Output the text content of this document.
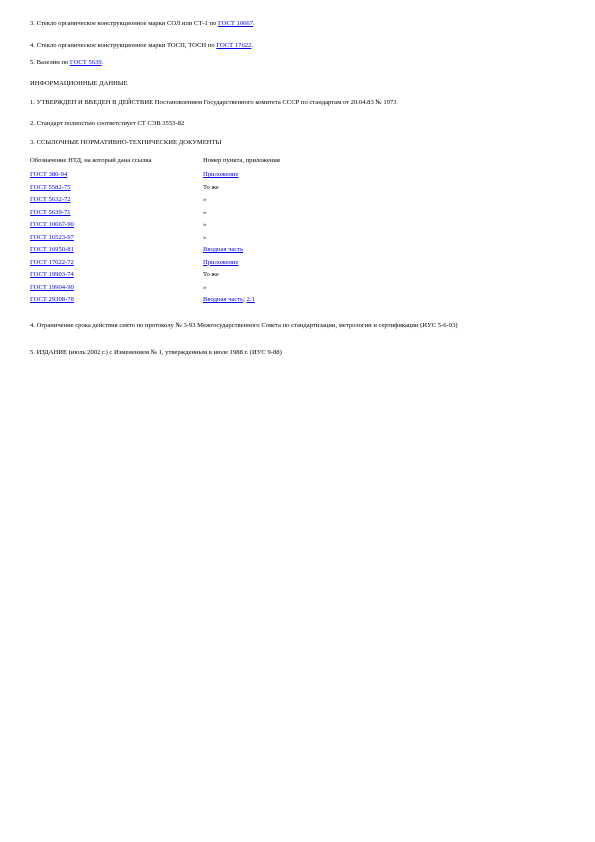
3. Стекло органическое конструкционное марки СОЛ или СТ-1 по ГОСТ 10667.
4. Стекло органическое конструкционное марки ТОСП, ТОСН по ГОСТ 17622.
5. Вазелин по ГОСТ 5639.
ИНФОРМАЦИОННЫЕ ДАННЫЕ
1. УТВЕРЖДЕН И ВВЕДЕН В ДЕЙСТВИЕ Постановлением Государственного комитета СССР по стандартам от 20.04.83 № 1973
2. Стандарт полностью соответствует СТ СЭВ 3553-82
3. ССЫЛОЧНЫЕ НОРМАТИВНО-ТЕХНИЧЕСКИЕ ДОКУМЕНТЫ
Обозначение НТД, на который дана ссылка	Номер пункта, приложения
ГОСТ 380-94	Приложение
ГОСТ 5582-75	То же
ГОСТ 5632-72	»
ГОСТ 5639-71	»
ГОСТ 10667-90	»
ГОСТ 16523-97	»
ГОСТ 16950-81	Вводная часть
ГОСТ 17622-72	Приложение
ГОСТ 19903-74	То же
ГОСТ 19904-90	»
ГОСТ 29308-78	Вводная часть; 2.1
4. Ограничение срока действия снято по протоколу № 3-93 Межгосударственного Совета по стандартизации, метрологии и сертификации (ИУС 5-6-93)
5. ИЗДАНИЕ (июль 2002 г.) с Изменением № 1, утвержденным в июле 1988 г. (ИУС 9-88)
